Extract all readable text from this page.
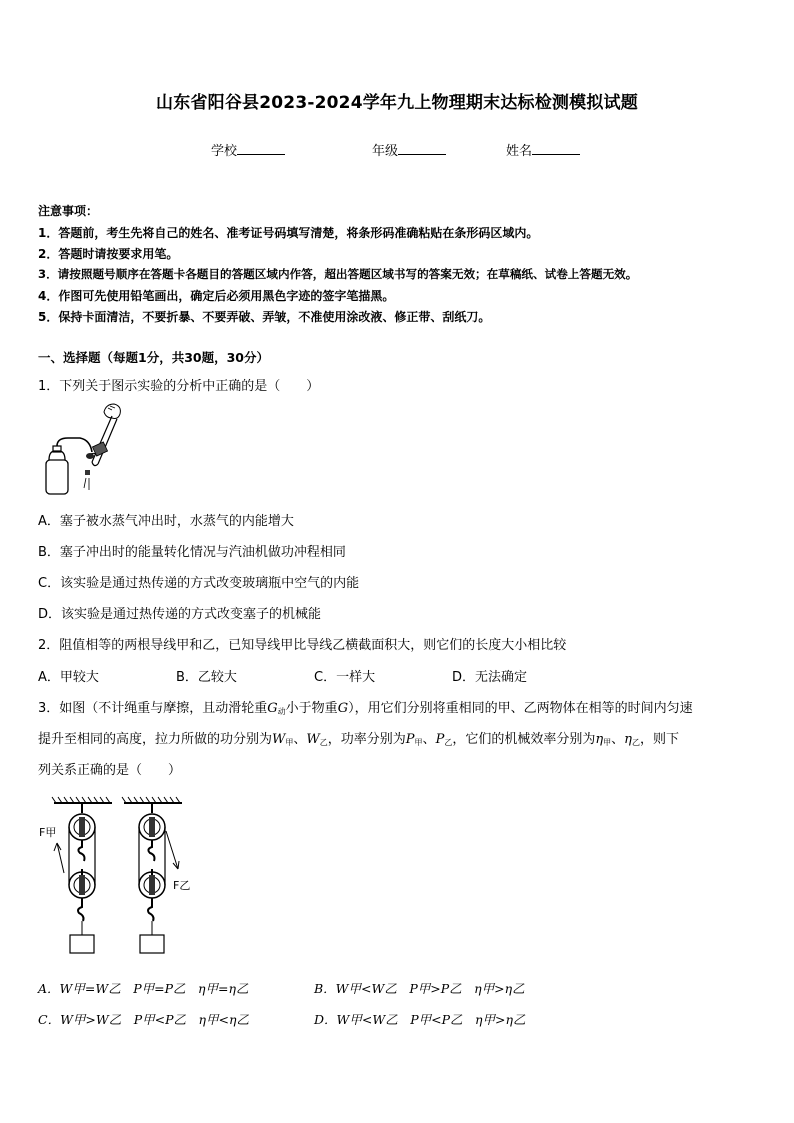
山东省阳谷县2023-2024学年九上物理期末达标检测模拟试题
学校	年级	姓名
注意事项：
1．答题前，考生先将自己的姓名、准考证号码填写清楚，将条形码准确粘贴在条形码区域内。
2．答题时请按要求用笔。
3．请按照题号顺序在答题卡各题目的答题区域内作答，超出答题区域书写的答案无效；在草稿纸、试卷上答题无效。
4．作图可先使用铅笔画出，确定后必须用黑色字迹的签字笔描黑。
5．保持卡面清洁，不要折暴、不要弄破、弄皱，不准使用涂改液、修正带、刮纸刀。
一、选择题（每题1分，共30题，30分）
1．下列关于图示实验的分析中正确的是（　　）
A．塞子被水蒸气冲出时，水蒸气的内能增大
B．塞子冲出时的能量转化情况与汽油机做功冲程相同
C．该实验是通过热传递的方式改变玻璃瓶中空气的内能
D．该实验是通过热传递的方式改变塞子的机械能
2．阻值相等的两根导线甲和乙，已知导线甲比导线乙横截面积大，则它们的长度大小相比较
A．甲较大	B．乙较大	C．一样大	D．无法确定
3．如图（不计绳重与摩擦，且动滑轮重$G_动$小于物重G），用它们分别将重相同的甲、乙两物体在相等的时间内匀速
提升至相同的高度，拉力所做的功分别为$W_甲$、$W_乙$，功率分别为$P_甲$、$P_乙$，它们的机械效率分别为$\eta_甲$、$\eta_乙$，则下
列关系正确的是（　　）
F甲
F乙
A．W甲=W乙　P甲=P乙　η甲=η乙	B．W甲<W乙　P甲>P乙　η甲>η乙
C．W甲>W乙　P甲<P乙　η甲<η乙	D．W甲<W乙　P甲<P乙　η甲>η乙
